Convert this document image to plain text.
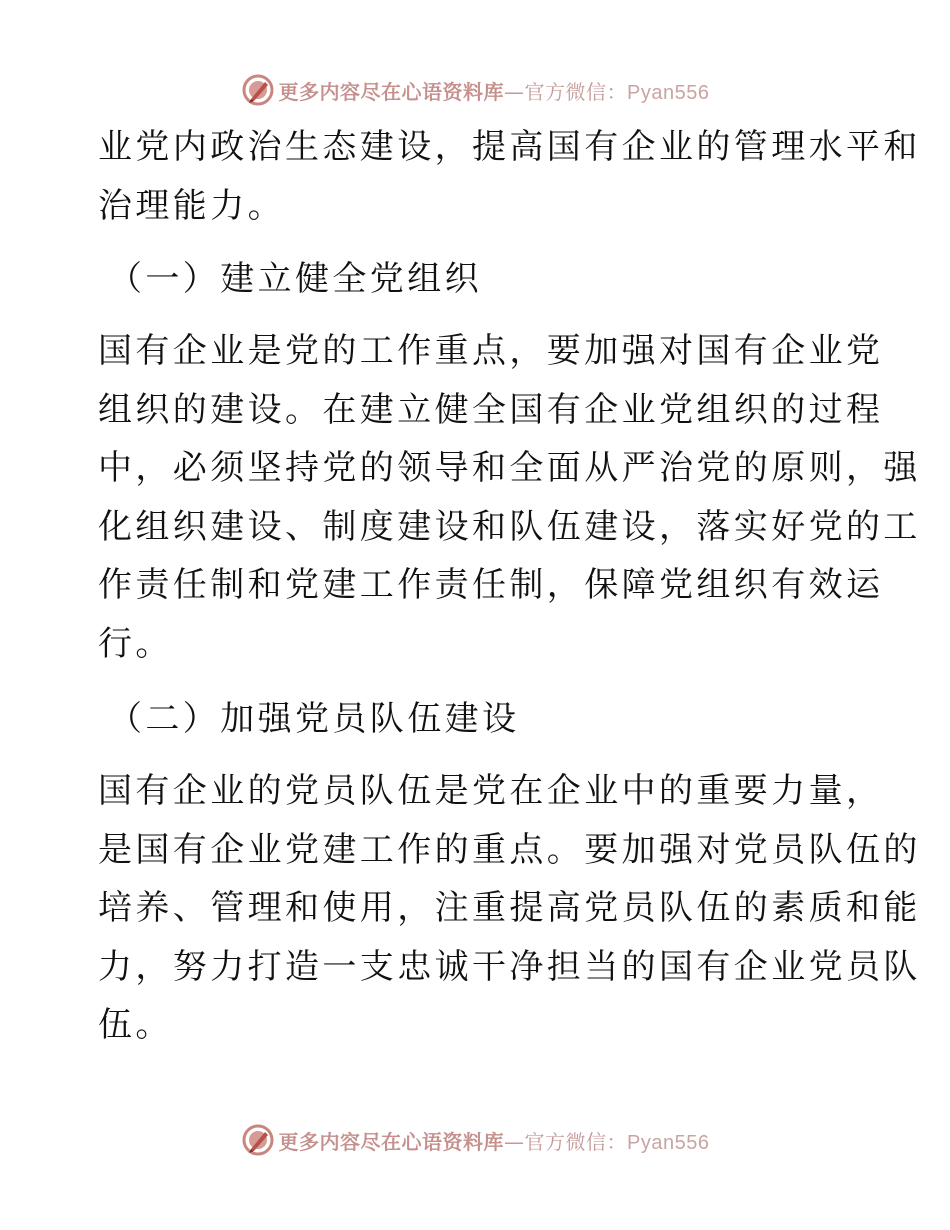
更多内容尽在心语资料库—官方微信：Pyan556
业党内政治生态建设，提高国有企业的管理水平和
治理能力。
（一）建立健全党组织
国有企业是党的工作重点，要加强对国有企业党
组织的建设。在建立健全国有企业党组织的过程
中，必须坚持党的领导和全面从严治党的原则，强
化组织建设、制度建设和队伍建设，落实好党的工
作责任制和党建工作责任制，保障党组织有效运
行。
（二）加强党员队伍建设
国有企业的党员队伍是党在企业中的重要力量，
是国有企业党建工作的重点。要加强对党员队伍的
培养、管理和使用，注重提高党员队伍的素质和能
力，努力打造一支忠诚干净担当的国有企业党员队
伍。
更多内容尽在心语资料库—官方微信：Pyan556
